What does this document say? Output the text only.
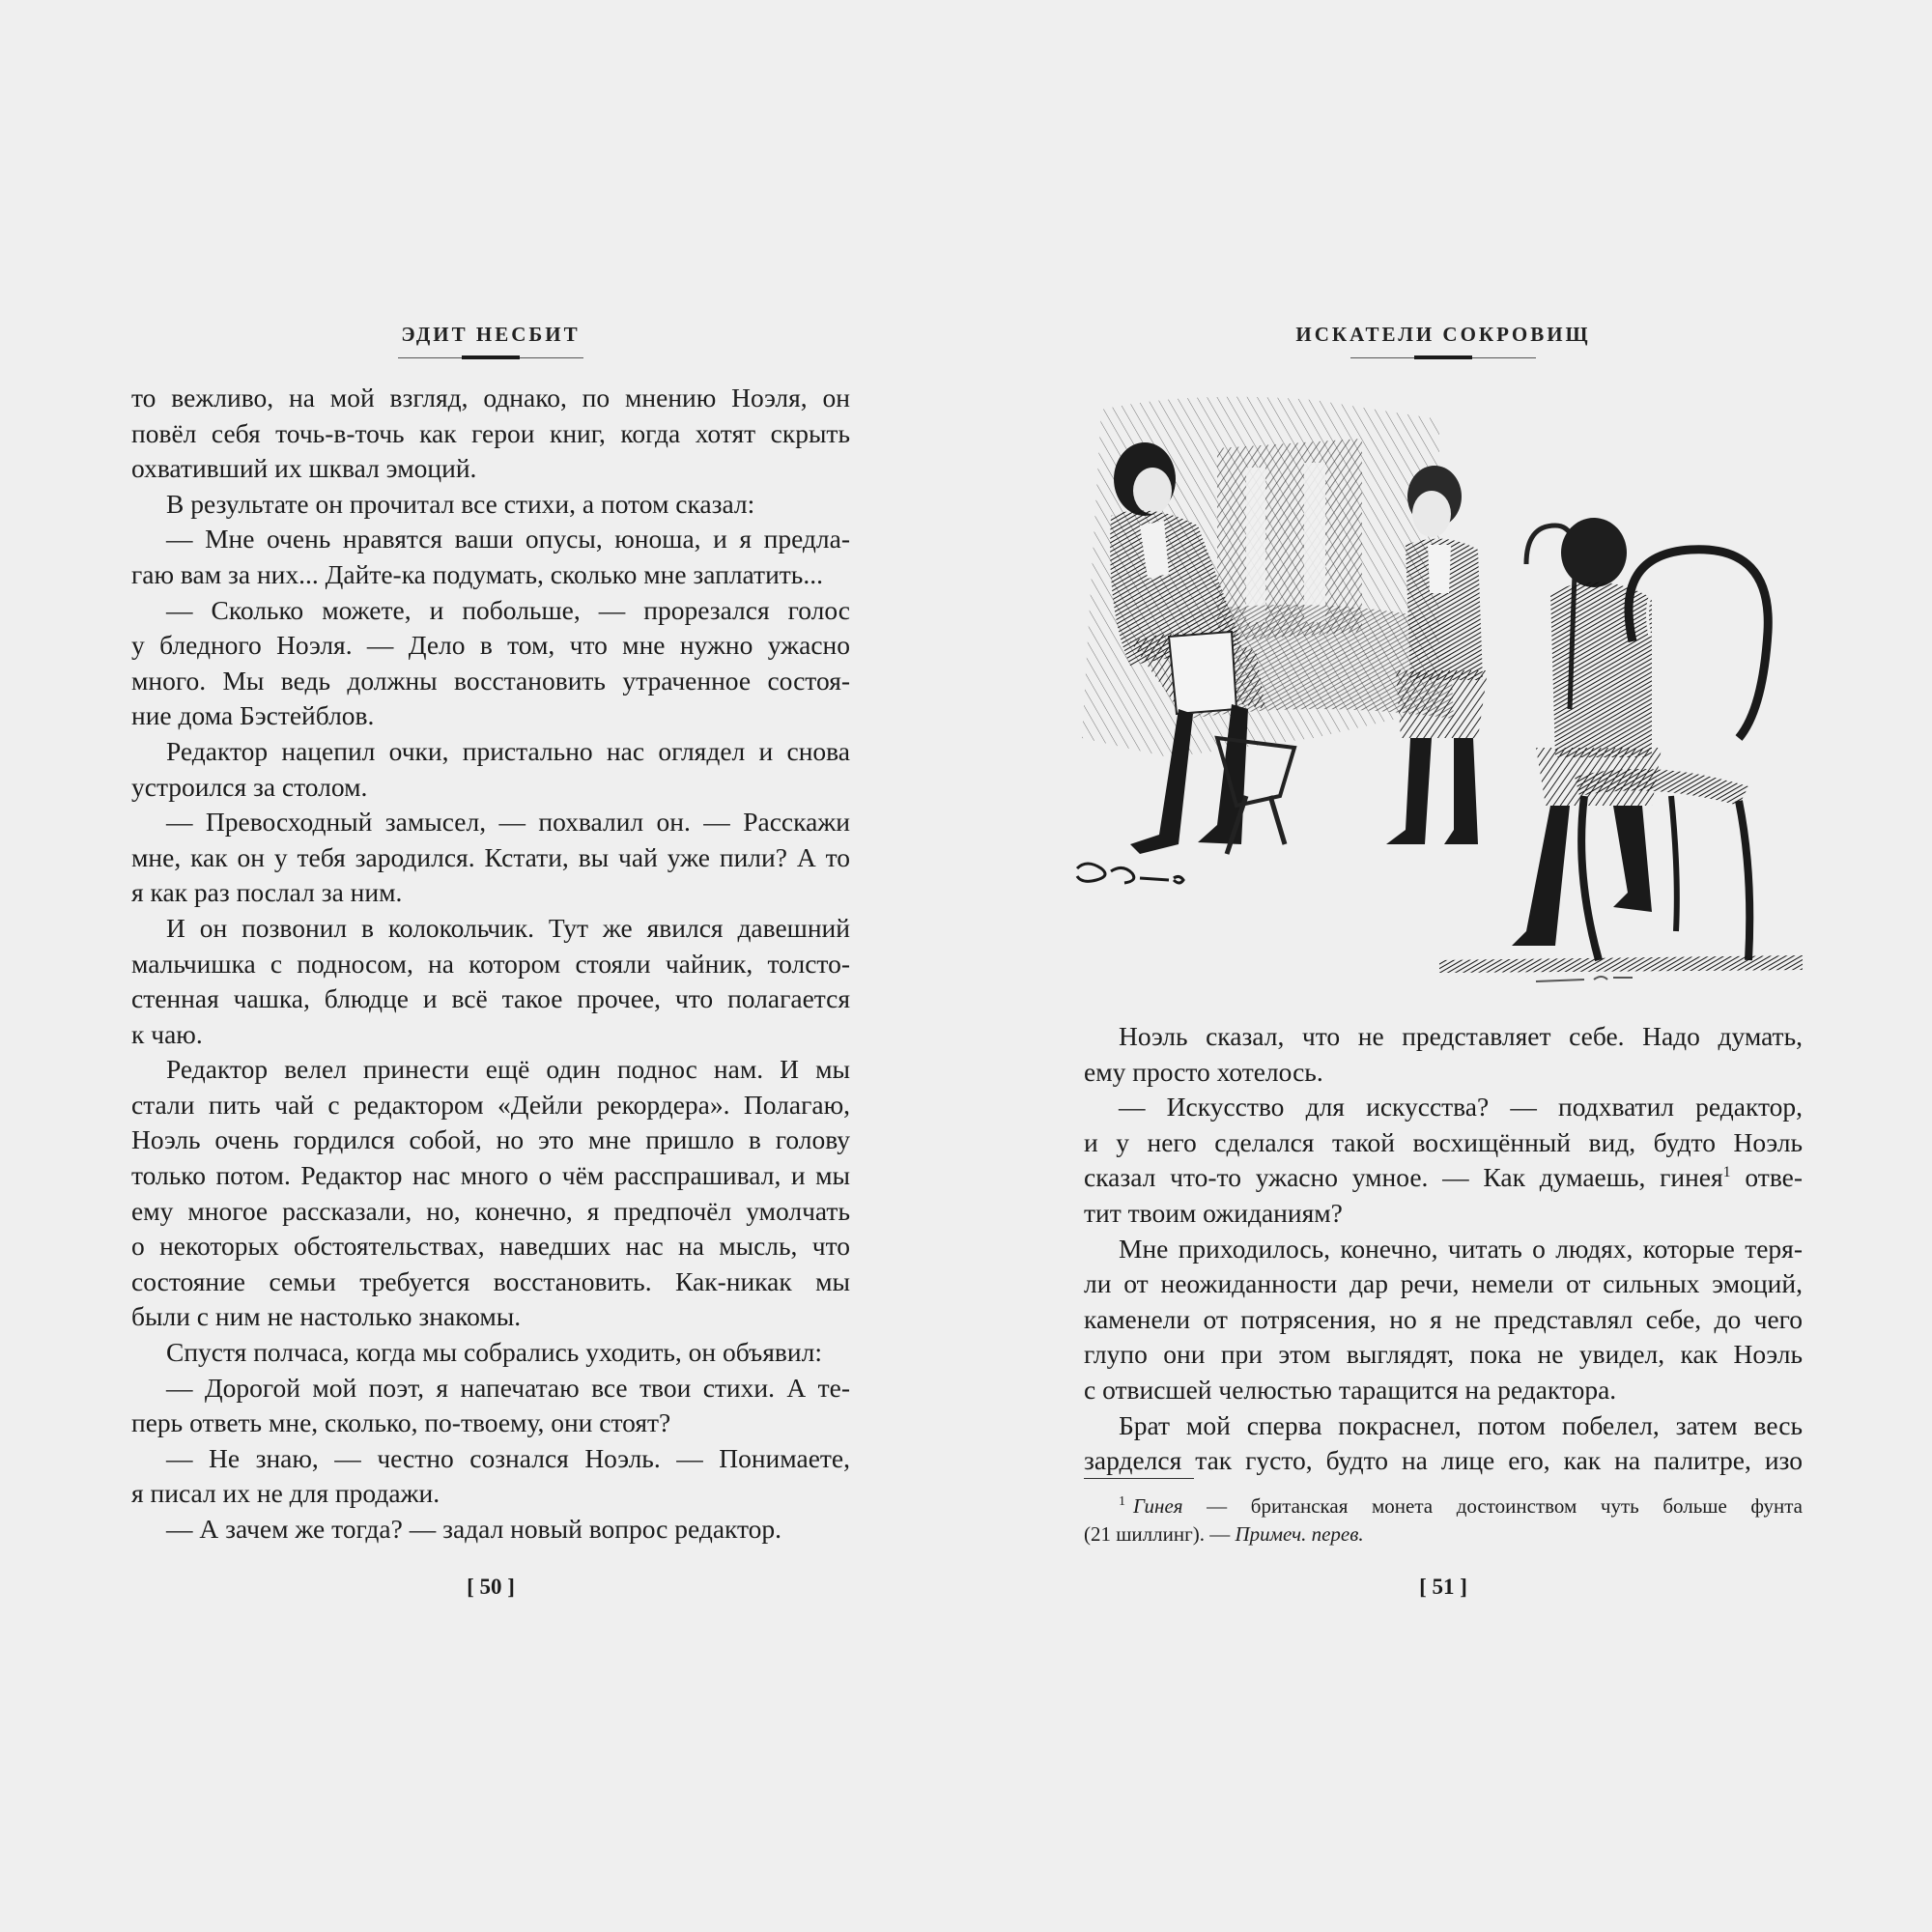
ЭДИТ НЕСБИТ
то вежливо, на мой взгляд, однако, по мнению Ноэля, он
повёл себя точь-в-точь как герои книг, когда хотят скрыть
охвативший их шквал эмоций.
В результате он прочитал все стихи, а потом сказал:
— Мне очень нравятся ваши опусы, юноша, и я предла-
гаю вам за них... Дайте-ка подумать, сколько мне заплатить...
— Сколько можете, и побольше, — прорезался голос
у бледного Ноэля. — Дело в том, что мне нужно ужасно
много. Мы ведь должны восстановить утраченное состоя-
ние дома Бэстейблов.
Редактор нацепил очки, пристально нас оглядел и снова
устроился за столом.
— Превосходный замысел, — похвалил он. — Расскажи
мне, как он у тебя зародился. Кстати, вы чай уже пили? А то
я как раз послал за ним.
И он позвонил в колокольчик. Тут же явился давешний
мальчишка с подносом, на котором стояли чайник, толсто-
стенная чашка, блюдце и всё такое прочее, что полагается
к чаю.
Редактор велел принести ещё один поднос нам. И мы
стали пить чай с редактором «Дейли рекордера». Полагаю,
Ноэль очень гордился собой, но это мне пришло в голову
только потом. Редактор нас много о чём расспрашивал, и мы
ему многое рассказали, но, конечно, я предпочёл умолчать
о некоторых обстоятельствах, наведших нас на мысль, что
состояние семьи требуется восстановить. Как-никак мы
были с ним не настолько знакомы.
Спустя полчаса, когда мы собрались уходить, он объявил:
— Дорогой мой поэт, я напечатаю все твои стихи. А те-
перь ответь мне, сколько, по-твоему, они стоят?
— Не знаю, — честно сознался Ноэль. — Понимаете,
я писал их не для продажи.
— А зачем же тогда? — задал новый вопрос редактор.
[ 50 ]
ИСКАТЕЛИ СОКРОВИЩ
Ноэль сказал, что не представляет себе. Надо думать,
ему просто хотелось.
— Искусство для искусства? — подхватил редактор,
и у него сделался такой восхищённый вид, будто Ноэль
сказал что-то ужасно умное. — Как думаешь, гинея$^1$ отве-
тит твоим ожиданиям?
Мне приходилось, конечно, читать о людях, которые теря-
ли от неожиданности дар речи, немели от сильных эмоций,
каменели от потрясения, но я не представлял себе, до чего
глупо они при этом выглядят, пока не увидел, как Ноэль
с отвисшей челюстью таращится на редактора.
Брат мой сперва покраснел, потом побелел, затем весь
зарделся так густо, будто на лице его, как на палитре, изо
$^1$ Гинея — британская монета достоинством чуть больше фунта
(21 шиллинг). — Примеч. перев.
[ 51 ]
